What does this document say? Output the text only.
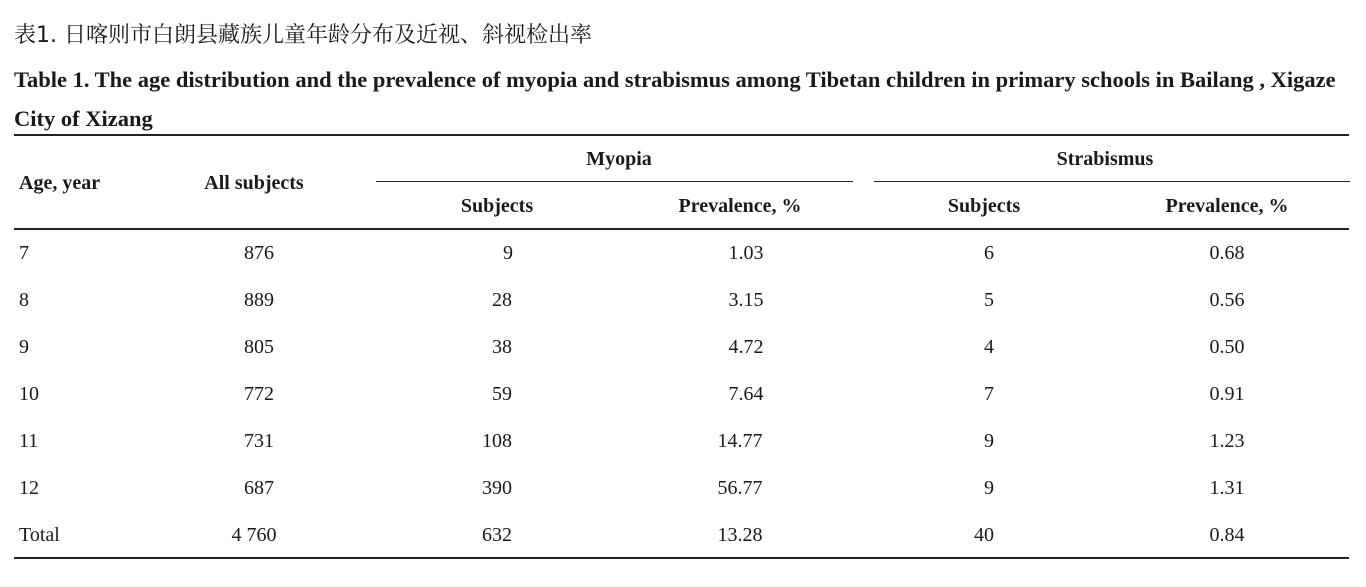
表1. 日喀则市白朗县藏族儿童年龄分布及近视、斜视检出率
Table 1. The age distribution and the prevalence of myopia and strabismus among Tibetan children in primary schools in Bailang , Xigaze City of Xizang
Age, year	All subjects
Myopia	Strabismus
Subjects	Prevalence, %	Subjects	Prevalence, %
7	876	9	1.03	6	0.68
8	889	28	3.15	5	0.56
9	805	38	4.72	4	0.50
10	772	59	7.64	7	0.91
11	731	108	14.77	9	1.23
12	687	390	56.77	9	1.31
Total	4 760	632	13.28	40	0.84
